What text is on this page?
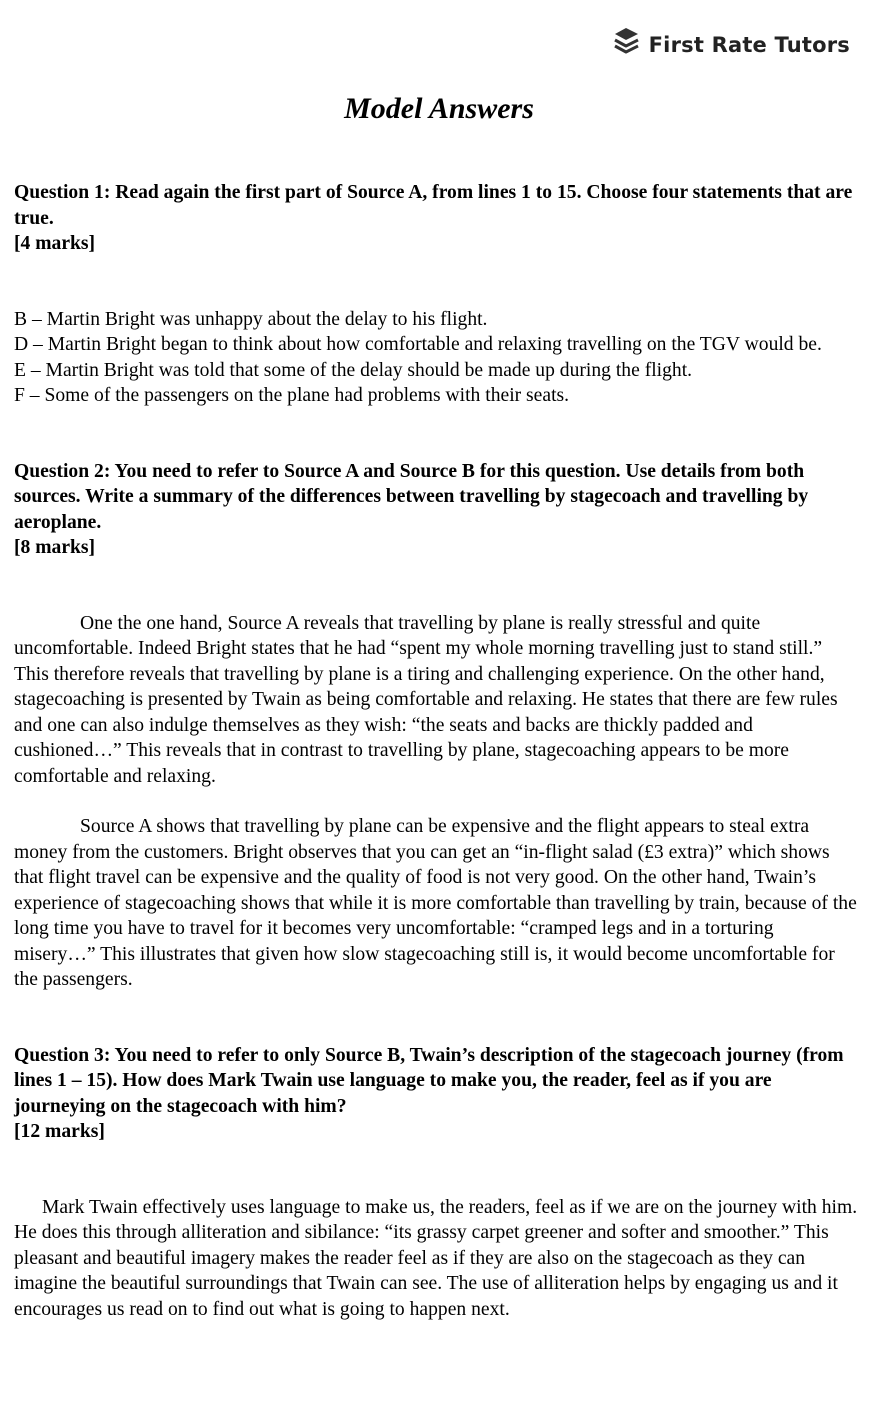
First Rate Tutors
Model Answers

Question 1: Read again the first part of Source A, from lines 1 to 15. Choose four statements that are true.

[4 marks]

B – Martin Bright was unhappy about the delay to his flight.

D – Martin Bright began to think about how comfortable and relaxing travelling on the TGV would be.

E – Martin Bright was told that some of the delay should be made up during the flight.

F – Some of the passengers on the plane had problems with their seats.

Question 2: You need to refer to Source A and Source B for this question. Use details from both sources. Write a summary of the differences between travelling by stagecoach and travelling by aeroplane.

[8 marks]

One the one hand, Source A reveals that travelling by plane is really stressful and quite uncomfortable. Indeed Bright states that he had “spent my whole morning travelling just to stand still.” This therefore reveals that travelling by plane is a tiring and challenging experience. On the other hand, stagecoaching is presented by Twain as being comfortable and relaxing. He states that there are few rules and one can also indulge themselves as they wish: “the seats and backs are thickly padded and cushioned…” This reveals that in contrast to travelling by plane, stagecoaching appears to be more comfortable and relaxing.

Source A shows that travelling by plane can be expensive and the flight appears to steal extra money from the customers. Bright observes that you can get an “in-flight salad (£3 extra)” which shows that flight travel can be expensive and the quality of food is not very good. On the other hand, Twain’s experience of stagecoaching shows that while it is more comfortable than travelling by train, because of the long time you have to travel for it becomes very uncomfortable: “cramped legs and in a torturing misery…” This illustrates that given how slow stagecoaching still is, it would become uncomfortable for the passengers.

Question 3: You need to refer to only Source B, Twain’s description of the stagecoach journey (from lines 1 – 15). How does Mark Twain use language to make you, the reader, feel as if you are journeying on the stagecoach with him?

[12 marks]

Mark Twain effectively uses language to make us, the readers, feel as if we are on the journey with him. He does this through alliteration and sibilance: “its grassy carpet greener and softer and smoother.” This pleasant and beautiful imagery makes the reader feel as if they are also on the stagecoach as they can imagine the beautiful surroundings that Twain can see. The use of alliteration helps by engaging us and it encourages us read on to find out what is going to happen next.
